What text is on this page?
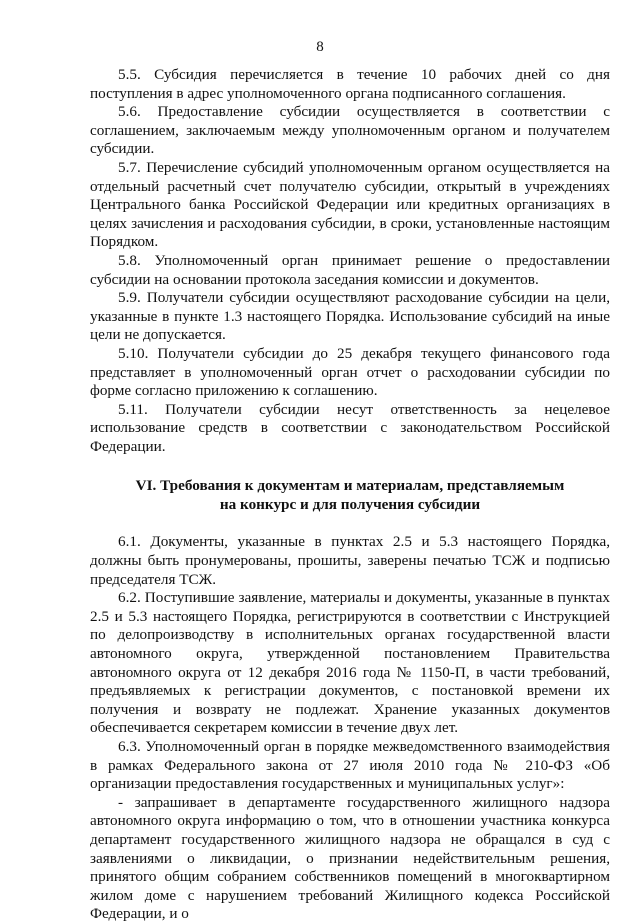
8

5.5. Субсидия перечисляется в течение 10 рабочих дней со дня поступления в адрес уполномоченного органа подписанного соглашения.

5.6. Предоставление субсидии осуществляется в соответствии с соглашением, заключаемым между уполномоченным органом и получателем субсидии.

5.7. Перечисление субсидий уполномоченным органом осуществляется на отдельный расчетный счет получателю субсидии, открытый в учреждениях Центрального банка Российской Федерации или кредитных организациях в целях зачисления и расходования субсидии, в сроки, установленные настоящим Порядком.

5.8. Уполномоченный орган принимает решение о предоставлении субсидии на основании протокола заседания комиссии и документов.

5.9. Получатели субсидии осуществляют расходование субсидии на цели, указанные в пункте 1.3 настоящего Порядка. Использование субсидий на иные цели не допускается.

5.10. Получатели субсидии до 25 декабря текущего финансового года представляет в уполномоченный орган отчет о расходовании субсидии по форме согласно приложению к соглашению.

5.11. Получатели субсидии несут ответственность за нецелевое использование средств в соответствии с законодательством Российской Федерации.

VI. Требования к документам и материалам, представляемым

на конкурс и для получения субсидии

6.1. Документы, указанные в пунктах 2.5 и 5.3 настоящего Порядка, должны быть пронумерованы, прошиты, заверены печатью ТСЖ и подписью председателя ТСЖ.

6.2. Поступившие заявление, материалы и документы, указанные в пунктах 2.5 и 5.3 настоящего Порядка, регистрируются в соответствии с Инструкцией по делопроизводству в исполнительных органах государственной власти автономного округа, утвержденной постановлением Правительства автономного округа от 12 декабря 2016 года № 1150-П, в части требований, предъявляемых к регистрации документов, с постановкой времени их получения и возврату не подлежат. Хранение указанных документов обеспечивается секретарем комиссии в течение двух лет.

6.3. Уполномоченный орган в порядке межведомственного взаимодействия в рамках Федерального закона от 27 июля 2010 года № 210-ФЗ «Об организации предоставления государственных и муниципальных услуг»:

- запрашивает в департаменте государственного жилищного надзора автономного округа информацию о том, что в отношении участника конкурса департамент государственного жилищного надзора не обращался в суд с заявлениями о ликвидации, о признании недействительным решения, принятого общим собранием собственников помещений в многоквартирном жилом доме с нарушением требований Жилищного кодекса Российской Федерации, и о
